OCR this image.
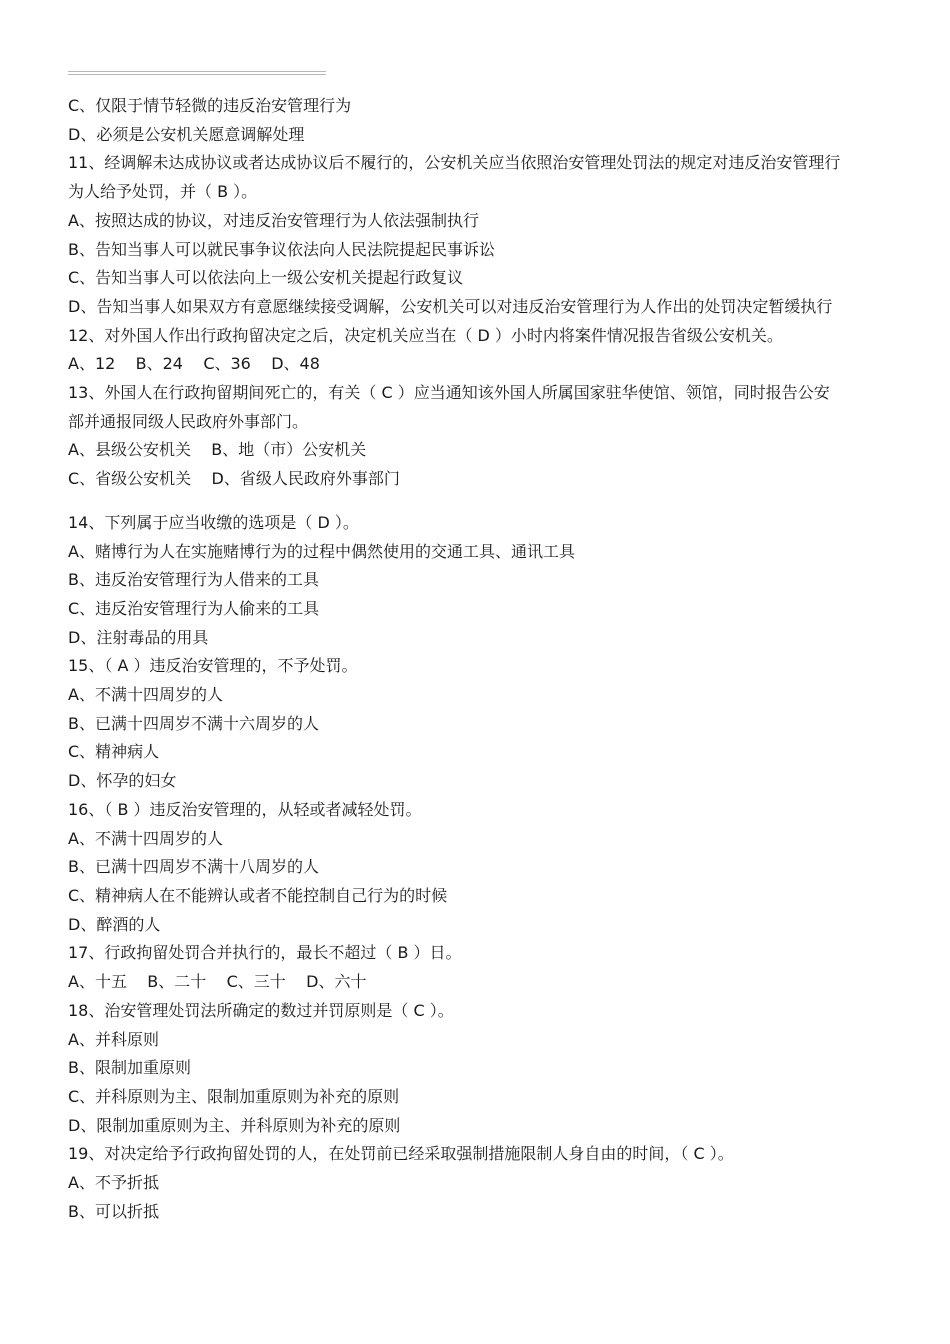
C、仅限于情节轻微的违反治安管理行为
D、必须是公安机关愿意调解处理
11、经调解未达成协议或者达成协议后不履行的，公安机关应当依照治安管理处罚法的规定对违反治安管理行
为人给予处罚，并（ B ）。
A、按照达成的协议，对违反治安管理行为人依法强制执行
B、告知当事人可以就民事争议依法向人民法院提起民事诉讼
C、告知当事人可以依法向上一级公安机关提起行政复议
D、告知当事人如果双方有意愿继续接受调解，公安机关可以对违反治安管理行为人作出的处罚决定暂缓执行
12、对外国人作出行政拘留决定之后，决定机关应当在（ D ）小时内将案件情况报告省级公安机关。
A、12    B、24    C、36    D、48
13、外国人在行政拘留期间死亡的，有关（ C ）应当通知该外国人所属国家驻华使馆、领馆，同时报告公安
部并通报同级人民政府外事部门。
A、县级公安机关    B、地（市）公安机关
C、省级公安机关    D、省级人民政府外事部门
14、下列属于应当收缴的选项是（ D ）。
A、赌博行为人在实施赌博行为的过程中偶然使用的交通工具、通讯工具
B、违反治安管理行为人借来的工具
C、违反治安管理行为人偷来的工具
D、注射毒品的用具
15、（ A ）违反治安管理的，不予处罚。
A、不满十四周岁的人
B、已满十四周岁不满十六周岁的人
C、精神病人
D、怀孕的妇女
16、（ B ）违反治安管理的，从轻或者减轻处罚。
A、不满十四周岁的人
B、已满十四周岁不满十八周岁的人
C、精神病人在不能辨认或者不能控制自己行为的时候
D、醉酒的人
17、行政拘留处罚合并执行的，最长不超过（ B ）日。
A、十五    B、二十    C、三十    D、六十
18、治安管理处罚法所确定的数过并罚原则是（ C ）。
A、并科原则
B、限制加重原则
C、并科原则为主、限制加重原则为补充的原则
D、限制加重原则为主、并科原则为补充的原则
19、对决定给予行政拘留处罚的人，在处罚前已经采取强制措施限制人身自由的时间，（ C ）。
A、不予折抵
B、可以折抵
